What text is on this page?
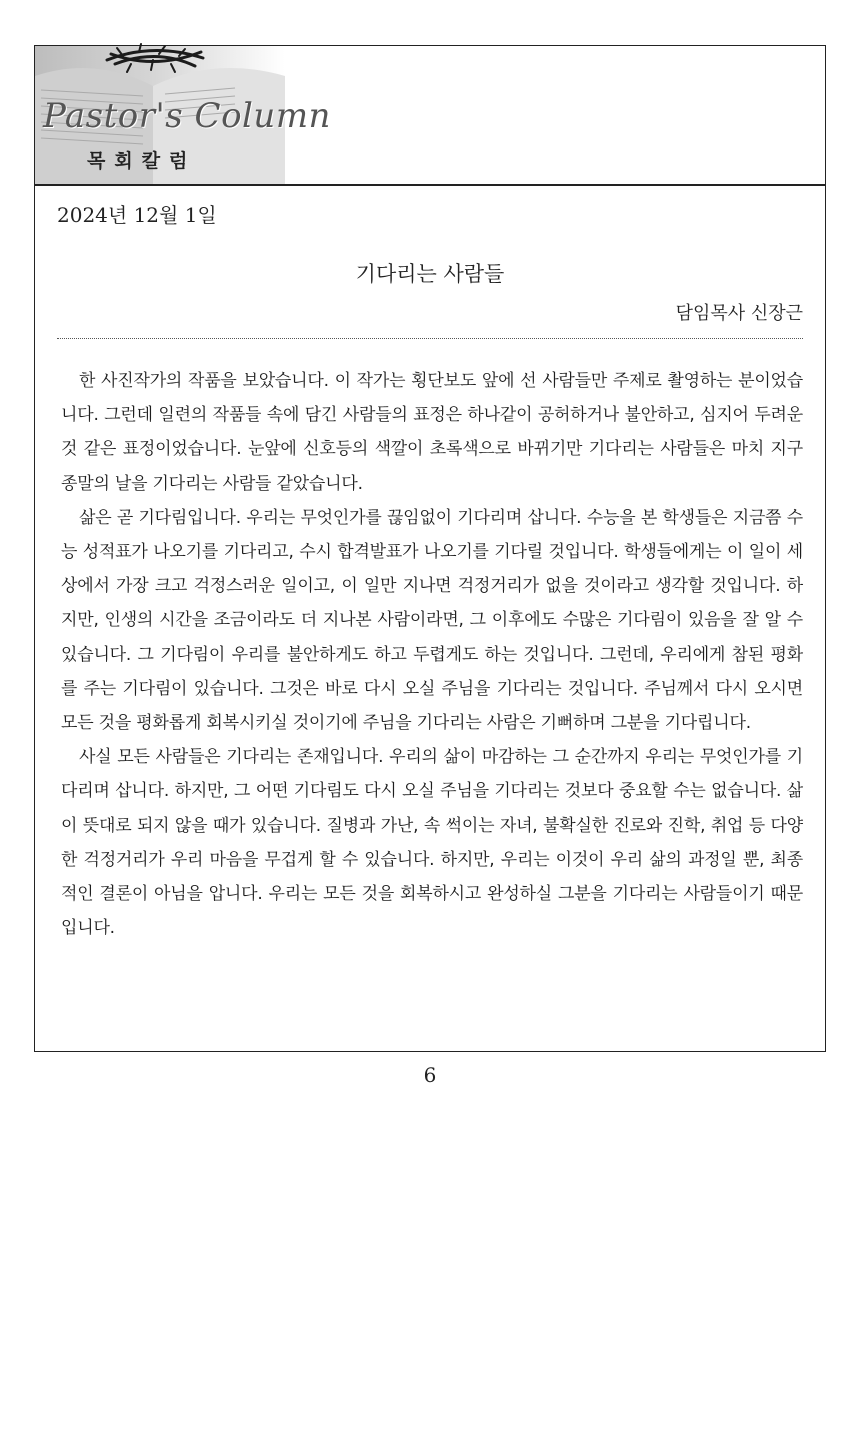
Pastor's Column
목회칼럼
2024년 12월 1일
기다리는 사람들
담임목사 신장근

한 사진작가의 작품을 보았습니다. 이 작가는 횡단보도 앞에 선 사람들만 주제로 촬영하는 분이었습니다. 그런데 일련의 작품들 속에 담긴 사람들의 표정은 하나같이 공허하거나 불안하고, 심지어 두려운 것 같은 표정이었습니다. 눈앞에 신호등의 색깔이 초록색으로 바뀌기만 기다리는 사람들은 마치 지구 종말의 날을 기다리는 사람들 같았습니다.

삶은 곧 기다림입니다. 우리는 무엇인가를 끊임없이 기다리며 삽니다. 수능을 본 학생들은 지금쯤 수능 성적표가 나오기를 기다리고, 수시 합격발표가 나오기를 기다릴 것입니다. 학생들에게는 이 일이 세상에서 가장 크고 걱정스러운 일이고, 이 일만 지나면 걱정거리가 없을 것이라고 생각할 것입니다. 하지만, 인생의 시간을 조금이라도 더 지나본 사람이라면, 그 이후에도 수많은 기다림이 있음을 잘 알 수 있습니다. 그 기다림이 우리를 불안하게도 하고 두렵게도 하는 것입니다. 그런데, 우리에게 참된 평화를 주는 기다림이 있습니다. 그것은 바로 다시 오실 주님을 기다리는 것입니다. 주님께서 다시 오시면 모든 것을 평화롭게 회복시키실 것이기에 주님을 기다리는 사람은 기뻐하며 그분을 기다립니다.

사실 모든 사람들은 기다리는 존재입니다. 우리의 삶이 마감하는 그 순간까지 우리는 무엇인가를 기다리며 삽니다. 하지만, 그 어떤 기다림도 다시 오실 주님을 기다리는 것보다 중요할 수는 없습니다. 삶이 뜻대로 되지 않을 때가 있습니다. 질병과 가난, 속 썩이는 자녀, 불확실한 진로와 진학, 취업 등 다양한 걱정거리가 우리 마음을 무겁게 할 수 있습니다. 하지만, 우리는 이것이 우리 삶의 과정일 뿐, 최종적인 결론이 아님을 압니다. 우리는 모든 것을 회복하시고 완성하실 그분을 기다리는 사람들이기 때문입니다.

6
